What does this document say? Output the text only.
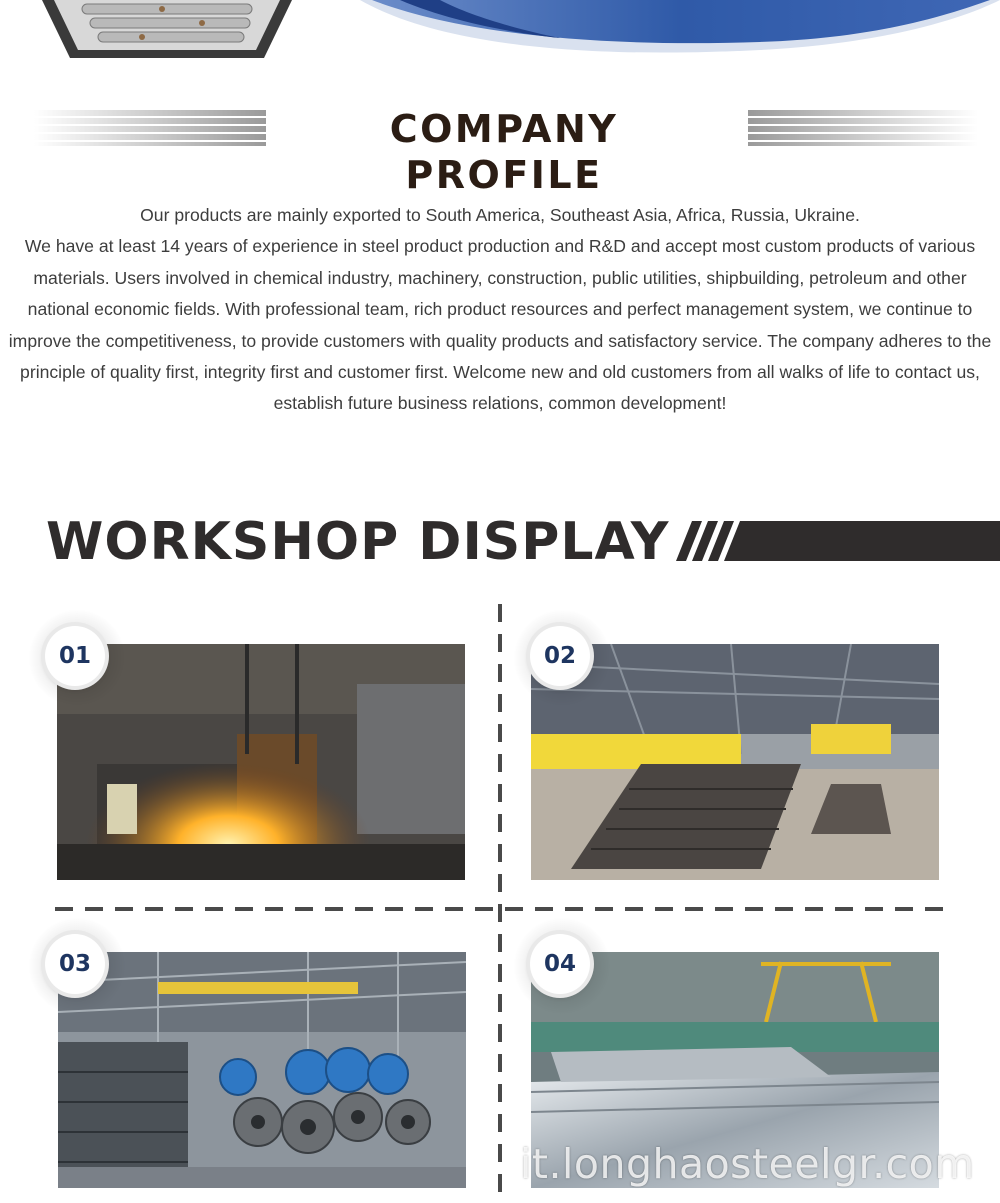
COMPANY PROFILE

Our products are mainly exported to South America, Southeast Asia, Africa, Russia, Ukraine.

We have at least 14 years of experience in steel product production and R&D and accept most custom products of various materials. Users involved in chemical industry, machinery, construction, public utilities, shipbuilding, petroleum and other national economic fields. With professional team, rich product resources and perfect management system, we continue to improve the competitiveness, to provide customers with quality products and satisfactory service. The company adheres to the principle of quality first, integrity first and customer first. Welcome new and old customers from all walks of life to contact us, establish future business relations, common development!

WORKSHOP DISPLAY
01	02
03	04
it.longhaosteelgr.com
